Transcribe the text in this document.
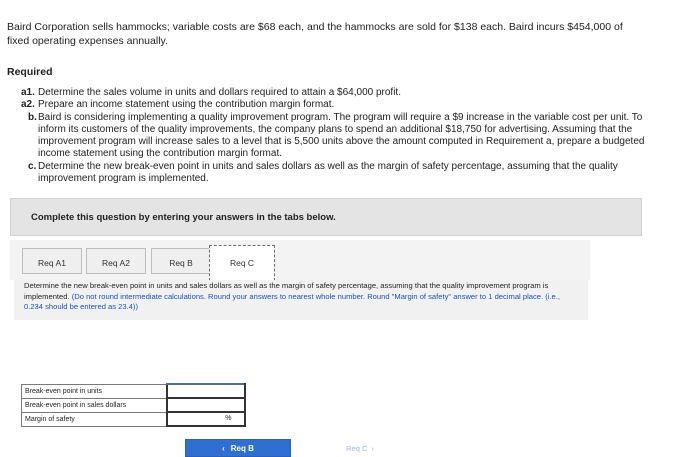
Baird Corporation sells hammocks; variable costs are $68 each, and the hammocks are sold for $138 each. Baird incurs $454,000 of fixed operating expenses annually.
Required
a1. Determine the sales volume in units and dollars required to attain a $64,000 profit.
a2. Prepare an income statement using the contribution margin format.
b. Baird is considering implementing a quality improvement program. The program will require a $9 increase in the variable cost per unit. To inform its customers of the quality improvements, the company plans to spend an additional $18,750 for advertising. Assuming that the improvement program will increase sales to a level that is 5,500 units above the amount computed in Requirement a, prepare a budgeted income statement using the contribution margin format.
c. Determine the new break-even point in units and sales dollars as well as the margin of safety percentage, assuming that the quality improvement program is implemented.
Complete this question by entering your answers in the tabs below.
Req A1	Req A2	Req B	Req C
Determine the new break-even point in units and sales dollars as well as the margin of safety percentage, assuming that the quality improvement program is implemented. (Do not round intermediate calculations. Round your answers to nearest whole number. Round "Margin of safety" answer to 1 decimal place. (i.e., 0.234 should be entered as 23.4))
Break-even point in units	
Break-even point in sales dollars	
Margin of safety	%
‹ Req B	Req C ›
